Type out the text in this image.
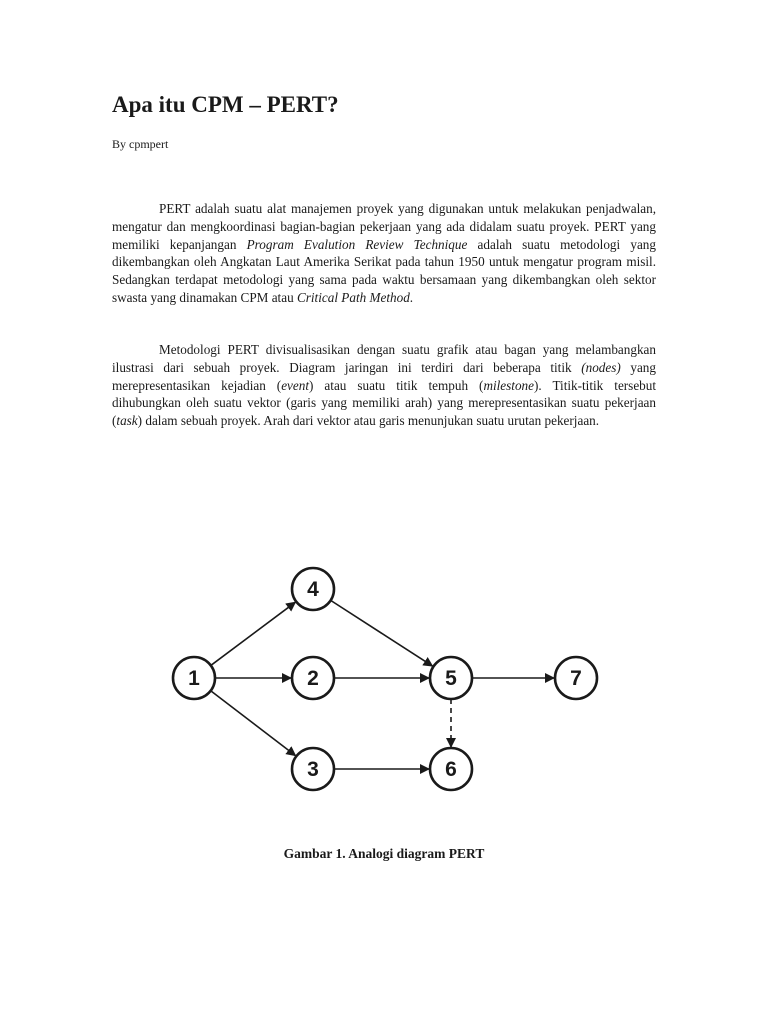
Apa itu CPM – PERT?
By cpmpert

PERT adalah suatu alat manajemen proyek yang digunakan untuk melakukan penjadwalan, mengatur dan mengkoordinasi bagian-bagian pekerjaan yang ada didalam suatu proyek. PERT yang memiliki kepanjangan Program Evalution Review Technique adalah suatu metodologi yang dikembangkan oleh Angkatan Laut Amerika Serikat pada tahun 1950 untuk mengatur program misil. Sedangkan terdapat metodologi yang sama pada waktu bersamaan yang dikembangkan oleh sektor swasta yang dinamakan CPM atau Critical Path Method.

Metodologi PERT divisualisasikan dengan suatu grafik atau bagan yang melambangkan ilustrasi dari sebuah proyek. Diagram jaringan ini terdiri dari beberapa titik (nodes) yang merepresentasikan kejadian (event) atau suatu titik tempuh (milestone). Titik-titik tersebut dihubungkan oleh suatu vektor (garis yang memiliki arah) yang merepresentasikan suatu pekerjaan (task) dalam sebuah proyek. Arah dari vektor atau garis menunjukan suatu urutan pekerjaan.

1	2
3
4
5
6
7
Gambar 1. Analogi diagram PERT
